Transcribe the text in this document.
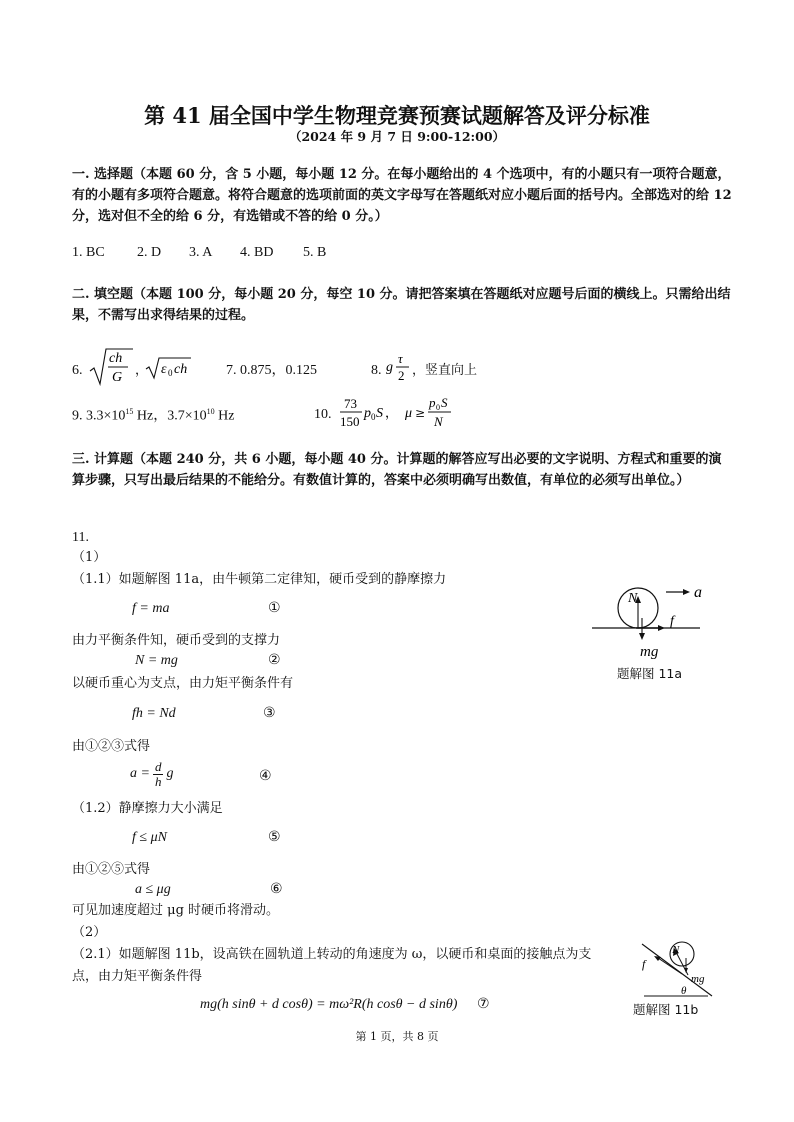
第 41 届全国中学生物理竞赛预赛试题解答及评分标准
（2024 年 9 月 7 日 9:00-12:00）
一. 选择题（本题 60 分，含 5 小题，每小题 12 分。在每小题给出的 4 个选项中，有的小题只有一项符合题意，有的小题有多项符合题意。将符合题意的选项前面的英文字母写在答题纸对应小题后面的括号内。全部选对的给 12 分，选对但不全的给 6 分，有选错或不答的给 0 分。）
1. BC 2. D 3. A 4. BD 5. B
二. 填空题（本题 100 分，每小题 20 分，每空 10 分。请把答案填在答题纸对应题号后面的横线上。只需给出结果，不需写出求得结果的过程。
6.
ch
G ， ε 0 ch	7. 0.875，0.125	8. g
τ
2 ，竖直向上
9. $3.3\times 10^{15}$ Hz，$3.7\times 10^{10}$ Hz	10.
73
150
p 0 S ， μ ≥
p 0 S
N
三. 计算题（本题 240 分，共 6 小题，每小题 40 分。计算题的解答应写出必要的文字说明、方程式和重要的演算步骤，只写出最后结果的不能给分。有数值计算的，答案中必须明确写出数值，有单位的必须写出单位。）
11.
（1）
（1.1）如题解图 11a，由牛顿第二定律知，硬币受到的静摩擦力
f = ma	①
由力平衡条件知，硬币受到的支撑力
N = mg	②
以硬币重心为支点，由力矩平衡条件有
fh = Nd	③
由①②③式得
$a = \frac{d}{h}$ g	④
（1.2）静摩擦力大小满足
f ≤ μN	⑤
由①②⑤式得
a ≤ μg	⑥
可见加速度超过 μg 时硬币将滑动。
（2）
（2.1）如题解图 11b，设高铁在圆轨道上转动的角速度为 ω，以硬币和桌面的接触点为支
点，由力矩平衡条件得
mg(h sinθ + d cosθ) = mω²R(h cosθ − d sinθ) ⑦
N
f
a
mg
题解图 11a
N
mg
f
θ
题解图 11b
第 1 页，共 8 页
